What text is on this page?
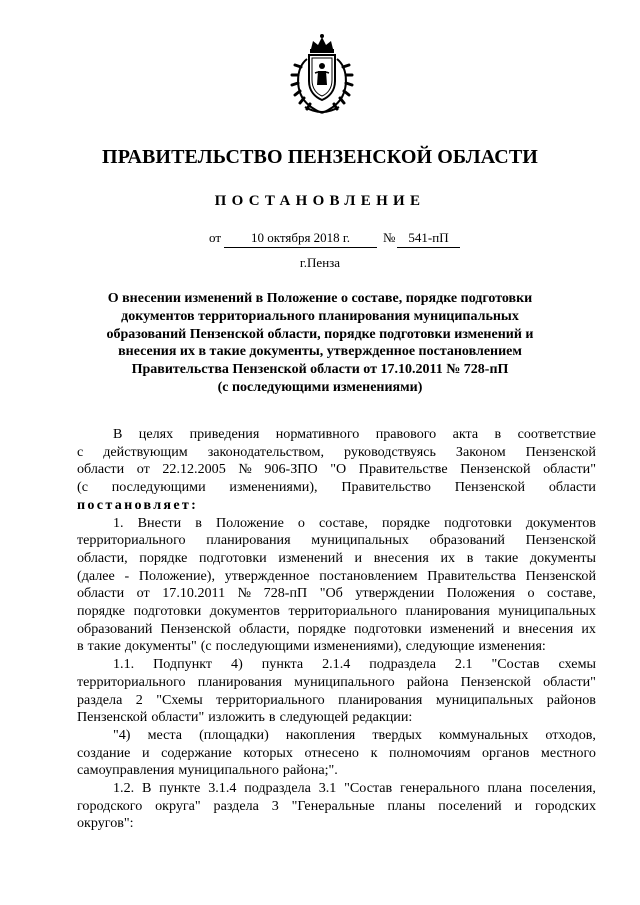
ПРАВИТЕЛЬСТВО ПЕНЗЕНСКОЙ ОБЛАСТИ
ПОСТАНОВЛЕНИЕ
от	10 октября 2018 г.	№	541-пП
г.Пенза
О внесении изменений в Положение о составе, порядке подготовки
документов территориального планирования муниципальных
образований Пензенской области, порядке подготовки изменений и
внесения их в такие документы, утвержденное постановлением
Правительства Пензенской области от 17.10.2011 № 728-пП
(с последующими изменениями)
В целях приведения нормативного правового акта в соответствие
с действующим законодательством, руководствуясь Законом Пензенской
области от 22.12.2005 № 906-ЗПО "О Правительстве Пензенской области"
(с последующими изменениями), Правительство Пензенской области
постановляет:
1. Внести в Положение о составе, порядке подготовки документов
территориального планирования муниципальных образований Пензенской
области, порядке подготовки изменений и внесения их в такие документы
(далее - Положение), утвержденное постановлением Правительства Пензенской
области от 17.10.2011 № 728-пП "Об утверждении Положения о составе,
порядке подготовки документов территориального планирования муниципальных
образований Пензенской области, порядке подготовки изменений и внесения их
в такие документы" (с последующими изменениями), следующие изменения:
1.1. Подпункт 4) пункта 2.1.4 подраздела 2.1 "Состав схемы
территориального планирования муниципального района Пензенской области"
раздела 2 "Схемы территориального планирования муниципальных районов
Пензенской области" изложить в следующей редакции:
"4) места (площадки) накопления твердых коммунальных отходов,
создание и содержание которых отнесено к полномочиям органов местного
самоуправления муниципального района;".
1.2. В пункте 3.1.4 подраздела 3.1 "Состав генерального плана поселения,
городского округа" раздела 3 "Генеральные планы поселений и городских
округов":
